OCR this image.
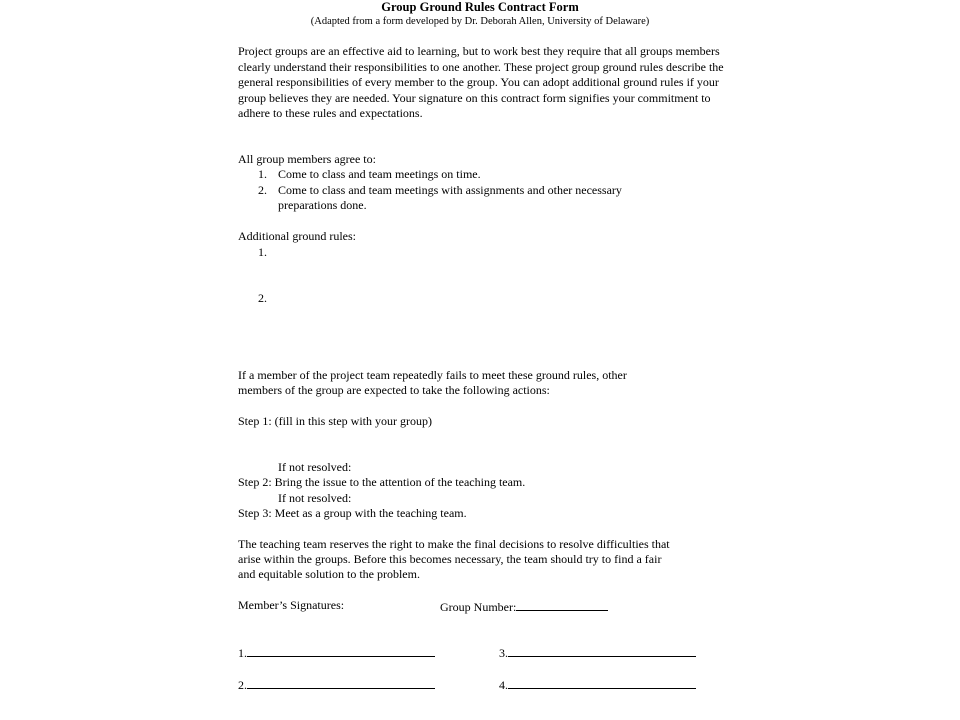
Group Ground Rules Contract Form
(Adapted from a form developed by Dr. Deborah Allen, University of Delaware)

Project groups are an effective aid to learning, but to work best they require that all groups members clearly understand their responsibilities to one another. These project group ground rules describe the general responsibilities of every member to the group. You can adopt additional ground rules if your group believes they are needed. Your signature on this contract form signifies your commitment to adhere to these rules and expectations.

All group members agree to:
1. Come to class and team meetings on time.
2. Come to class and team meetings with assignments and other necessary
preparations done.
Additional ground rules:
1.
2.
If a member of the project team repeatedly fails to meet these ground rules, other
members of the group are expected to take the following actions:
Step 1: (fill in this step with your group)
If not resolved:
Step 2: Bring the issue to the attention of the teaching team.
If not resolved:
Step 3: Meet as a group with the teaching team.
The teaching team reserves the right to make the final decisions to resolve difficulties that
arise within the groups. Before this becomes necessary, the team should try to find a fair
and equitable solution to the problem.
Member’s Signatures:	Group Number:
1.	3.
2.	4.
